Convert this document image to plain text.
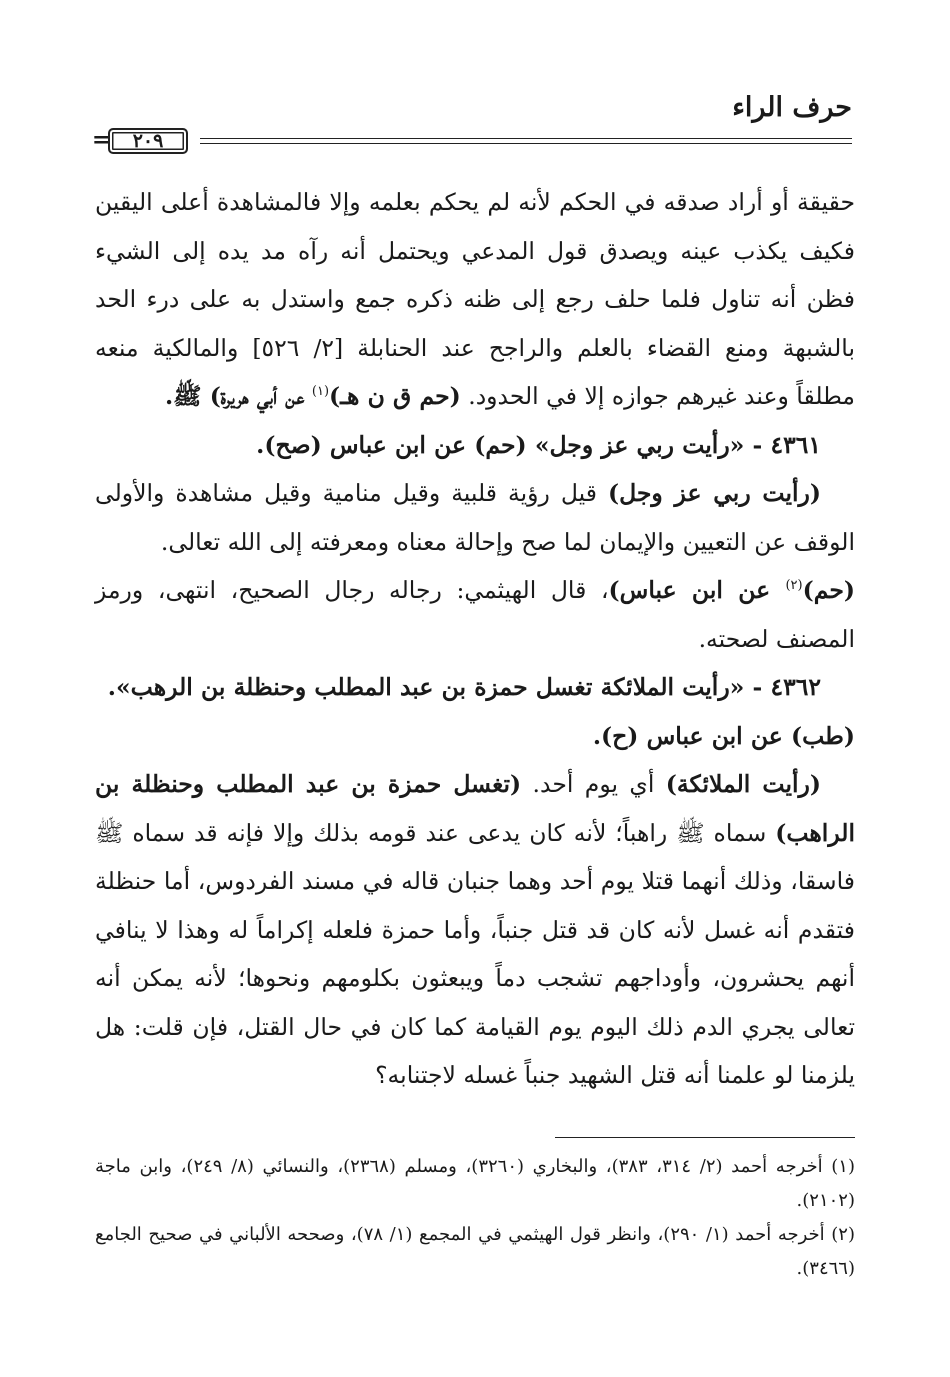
حرف الراء
=	٢٠٩

حقيقة أو أراد صدقه في الحكم لأنه لم يحكم بعلمه وإلا فالمشاهدة أعلى اليقين فكيف يكذب عينه ويصدق قول المدعي ويحتمل أنه رآه مد يده إلى الشيء فظن أنه تناول فلما حلف رجع إلى ظنه ذكره جمع واستدل به على درء الحد بالشبهة ومنع القضاء بالعلم والراجح عند الحنابلة [٢/ ٥٢٦] والمالكية منعه مطلقاً وعند غيرهم جوازه إلا في الحدود. (حم ق ن هـ)$^{(١)}$ عن أبي هريرة) ﷺ.

٤٣٦١ - «رأيت ربي عز وجل» (حم) عن ابن عباس (صح).

(رأيت ربي عز وجل) قيل رؤية قلبية وقيل منامية وقيل مشاهدة والأولى الوقف عن التعيين والإيمان لما صح وإحالة معناه ومعرفته إلى الله تعالى.

(حم)$^{(٢)}$ عن ابن عباس)، قال الهيثمي: رجاله رجال الصحيح، انتهى، ورمز المصنف لصحته.

٤٣٦٢ - «رأيت الملائكة تغسل حمزة بن عبد المطلب وحنظلة بن الرهب».

(طب) عن ابن عباس (ح).

(رأيت الملائكة) أي يوم أحد. (تغسل حمزة بن عبد المطلب وحنظلة بن الراهب) سماه ﷺ راهباً؛ لأنه كان يدعى عند قومه بذلك وإلا فإنه قد سماه ﷺ فاسقا، وذلك أنهما قتلا يوم أحد وهما جنبان قاله في مسند الفردوس، أما حنظلة فتقدم أنه غسل لأنه كان قد قتل جنباً، وأما حمزة فلعله إكراماً له وهذا لا ينافي أنهم يحشرون، وأوداجهم تشجب دماً ويبعثون بكلومهم ونحوها؛ لأنه يمكن أنه تعالى يجري الدم ذلك اليوم يوم القيامة كما كان في حال القتل، فإن قلت: هل يلزمنا لو علمنا أنه قتل الشهيد جنباً غسله لاجتنابه؟

(١) أخرجه أحمد (٢/ ٣١٤، ٣٨٣)، والبخاري (٣٢٦٠)، ومسلم (٢٣٦٨)، والنسائي (٨/ ٢٤٩)، وابن ماجة (٢١٠٢).

(٢) أخرجه أحمد (١/ ٢٩٠)، وانظر قول الهيثمي في المجمع (١/ ٧٨)، وصححه الألباني في صحيح الجامع (٣٤٦٦).
